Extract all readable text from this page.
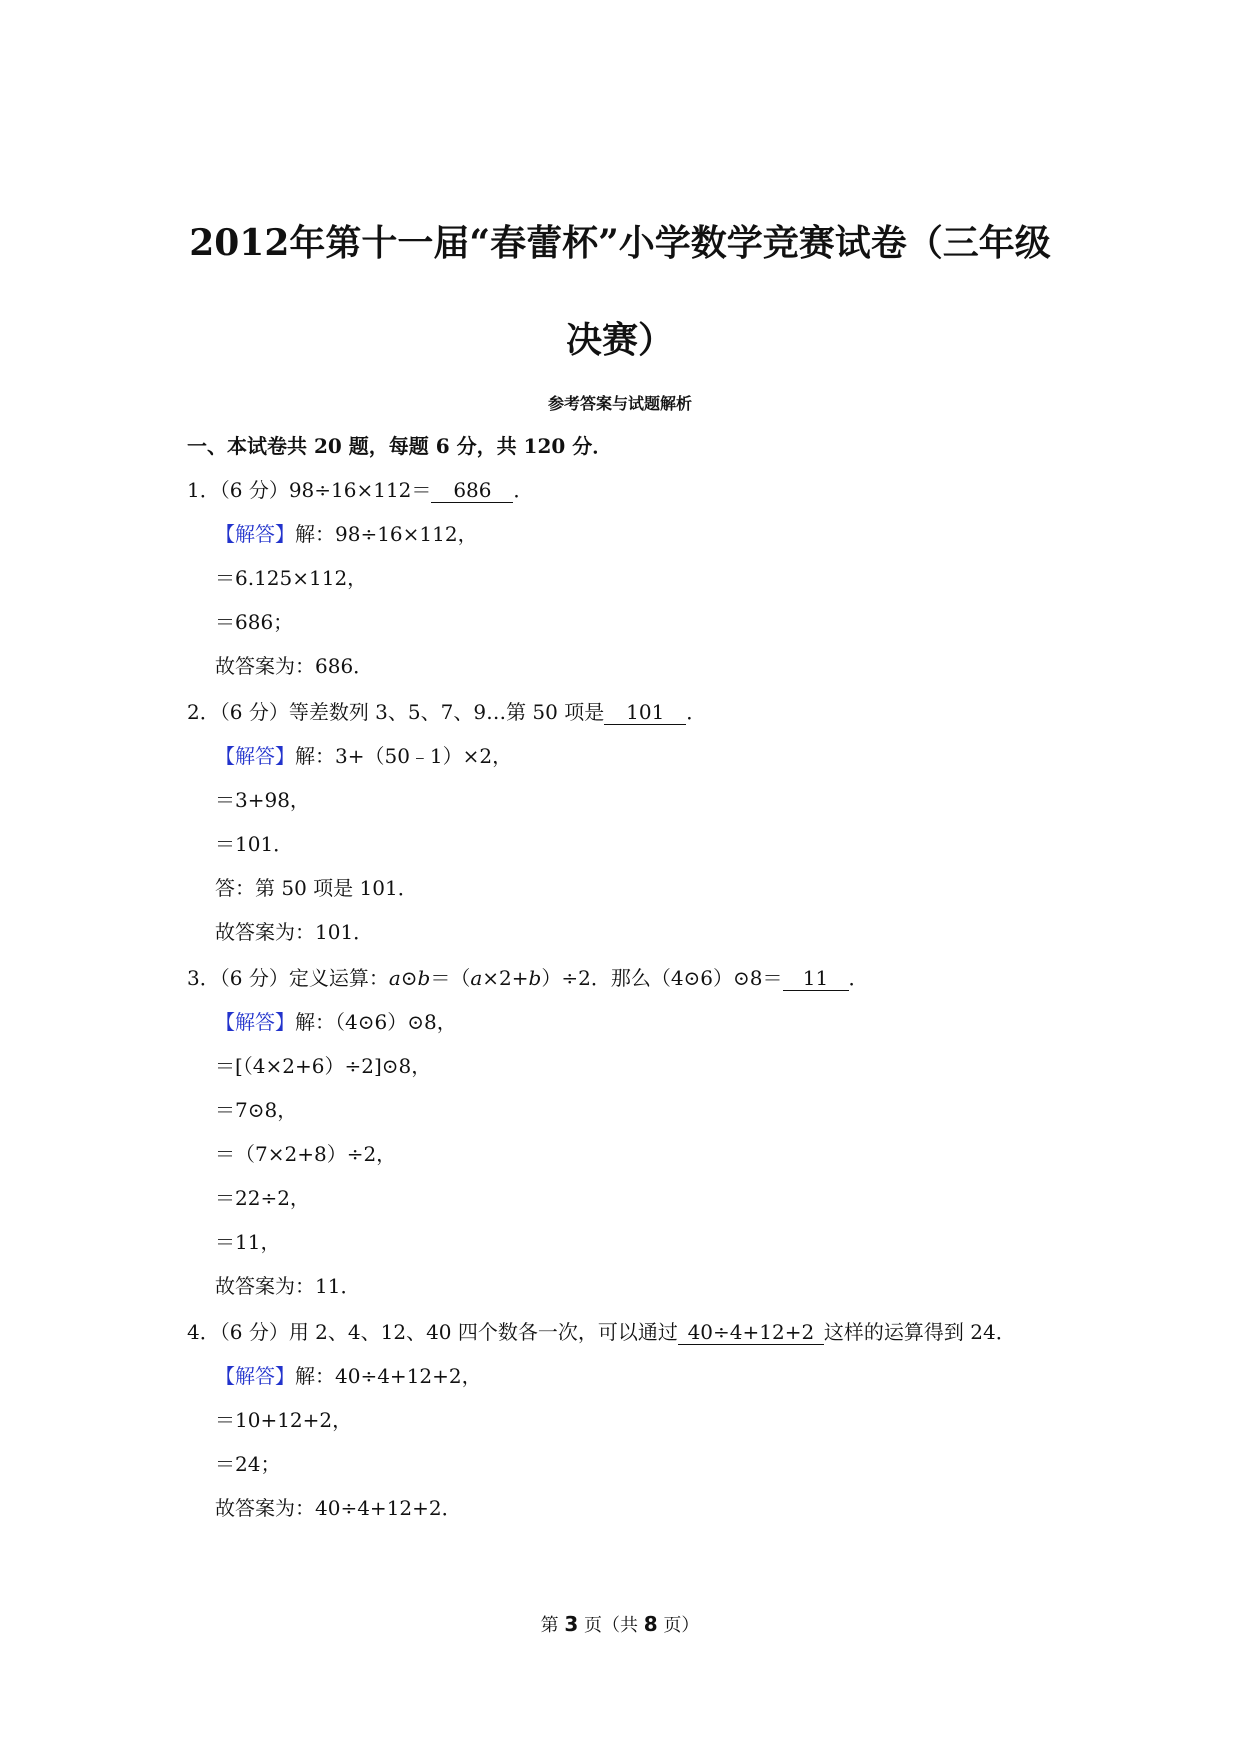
2012年第十一届“春蕾杯”小学数学竞赛试卷（三年级
决赛）
参考答案与试题解析
一、本试卷共 20 题，每题 6 分，共 120 分．
1．（6 分）98÷16×112＝ 686 ．
【解答】解：98÷16×112，
＝6.125×112，
＝686；
故答案为：686．
2．（6 分）等差数列 3、5、7、9…第 50 项是 101 ．
【解答】解：3+（50﹣1）×2，
＝3+98，
＝101．
答：第 50 项是 101．
故答案为：101．
3．（6 分）定义运算：a⊙b＝（a×2+b）÷2．那么（4⊙6）⊙8＝ 11 ．
【解答】解：（4⊙6）⊙8，
＝[（4×2+6）÷2]⊙8，
＝7⊙8，
＝（7×2+8）÷2，
＝22÷2，
＝11，
故答案为：11．
4．（6 分）用 2、4、12、40 四个数各一次，可以通过 40÷4+12+2 这样的运算得到 24．
【解答】解：40÷4+12+2，
＝10+12+2，
＝24；
故答案为：40÷4+12+2．
第 3 页（共 8 页）
